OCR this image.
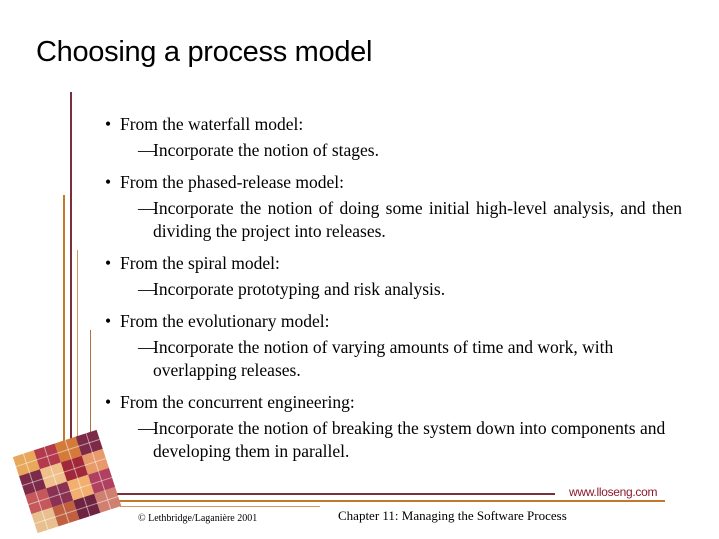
Choosing a process model
• From the waterfall model:
—
Incorporate the notion of stages.
• From the phased-release model:
—
Incorporate the notion of doing some initial high-level analysis, and then dividing the project into releases.
• From the spiral model:
—
Incorporate prototyping and risk analysis.
• From the evolutionary model:
—
Incorporate the notion of varying amounts of time and work, with overlapping releases.
• From the concurrent engineering:
—
Incorporate the notion of breaking the system down into components and developing them in parallel.
www.lloseng.com
© Lethbridge/Laganière 2001	Chapter 11: Managing the Software Process
